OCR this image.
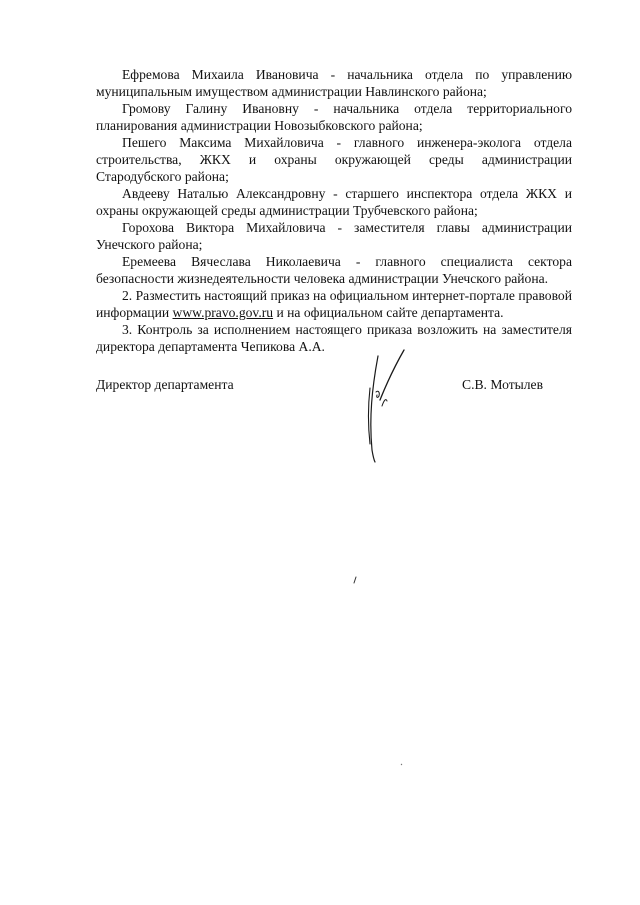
Ефремова Михаила Ивановича - начальника отдела по управлению муниципальным имуществом администрации Навлинского района;

Громову Галину Ивановну - начальника отдела территориального планирования администрации Новозыбковского района;

Пешего Максима Михайловича - главного инженера-эколога отдела строительства, ЖКХ и охраны окружающей среды администрации Стародубского района;

Авдееву Наталью Александровну - старшего инспектора отдела ЖКХ и охраны окружающей среды администрации Трубчевского района;

Горохова Виктора Михайловича - заместителя главы администрации Унечского района;

Еремеева Вячеслава Николаевича - главного специалиста сектора безопасности жизнедеятельности человека администрации Унечского района.

2. Разместить настоящий приказ на официальном интернет-портале правовой информации www.pravo.gov.ru и на официальном сайте департамента.

3. Контроль за исполнением настоящего приказа возложить на заместителя директора департамента Чепикова А.А.

Директор департамента	С.В. Мотылев
